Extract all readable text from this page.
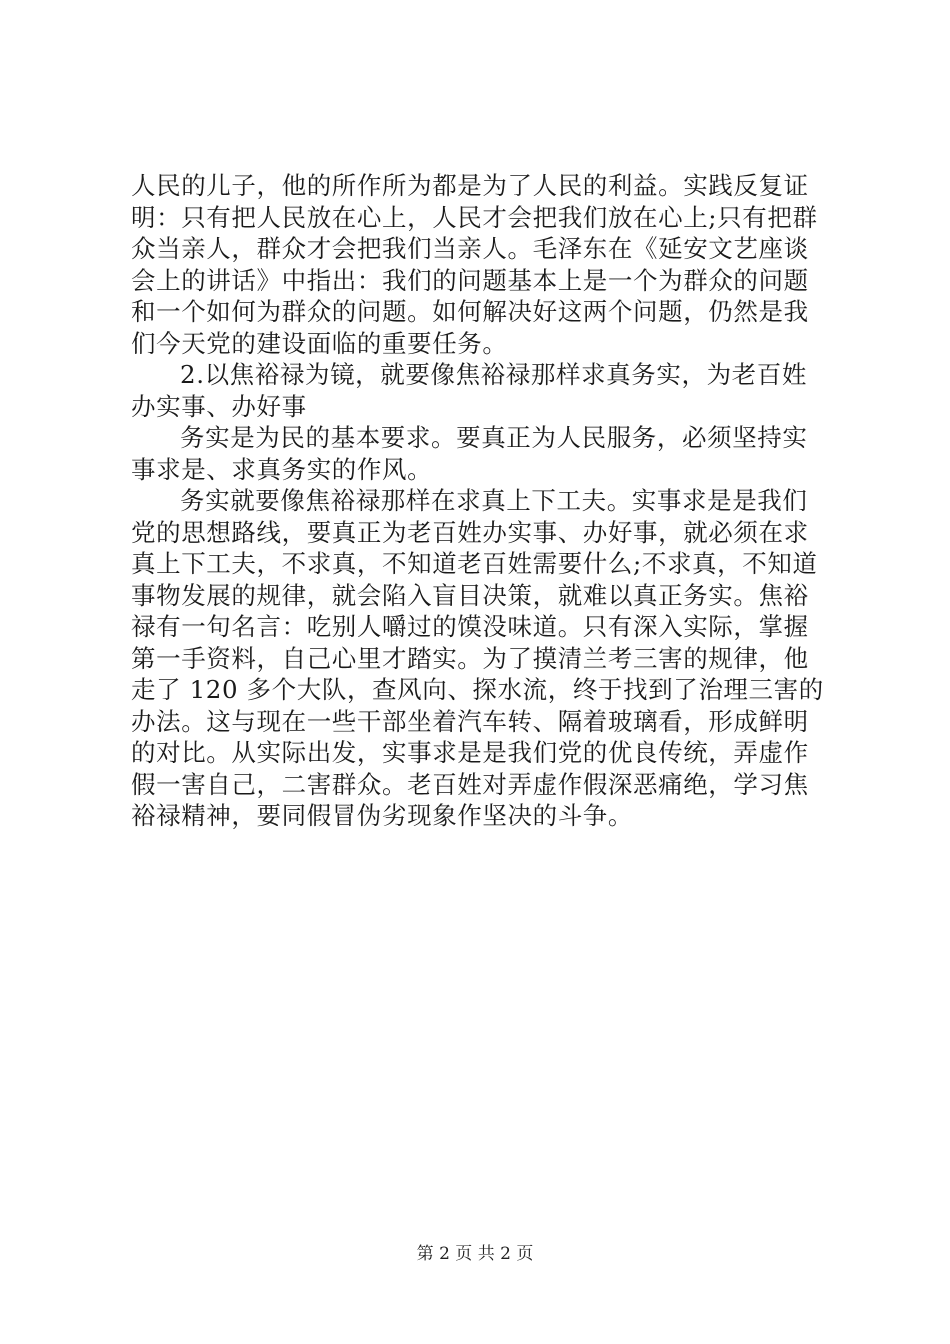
人民的儿子，他的所作所为都是为了人民的利益。实践反复证
明：只有把人民放在心上，人民才会把我们放在心上;只有把群
众当亲人，群众才会把我们当亲人。毛泽东在《延安文艺座谈
会上的讲话》中指出：我们的问题基本上是一个为群众的问题
和一个如何为群众的问题。如何解决好这两个问题，仍然是我
们今天党的建设面临的重要任务。
2.以焦裕禄为镜，就要像焦裕禄那样求真务实，为老百姓
办实事、办好事
务实是为民的基本要求。要真正为人民服务，必须坚持实
事求是、求真务实的作风。
务实就要像焦裕禄那样在求真上下工夫。实事求是是我们
党的思想路线，要真正为老百姓办实事、办好事，就必须在求
真上下工夫，不求真，不知道老百姓需要什么;不求真，不知道
事物发展的规律，就会陷入盲目决策，就难以真正务实。焦裕
禄有一句名言：吃别人嚼过的馍没味道。只有深入实际，掌握
第一手资料，自己心里才踏实。为了摸清兰考三害的规律，他
走了 120 多个大队，查风向、探水流，终于找到了治理三害的
办法。这与现在一些干部坐着汽车转、隔着玻璃看，形成鲜明
的对比。从实际出发，实事求是是我们党的优良传统，弄虚作
假一害自己，二害群众。老百姓对弄虚作假深恶痛绝，学习焦
裕禄精神，要同假冒伪劣现象作坚决的斗争。
第 2 页 共 2 页
